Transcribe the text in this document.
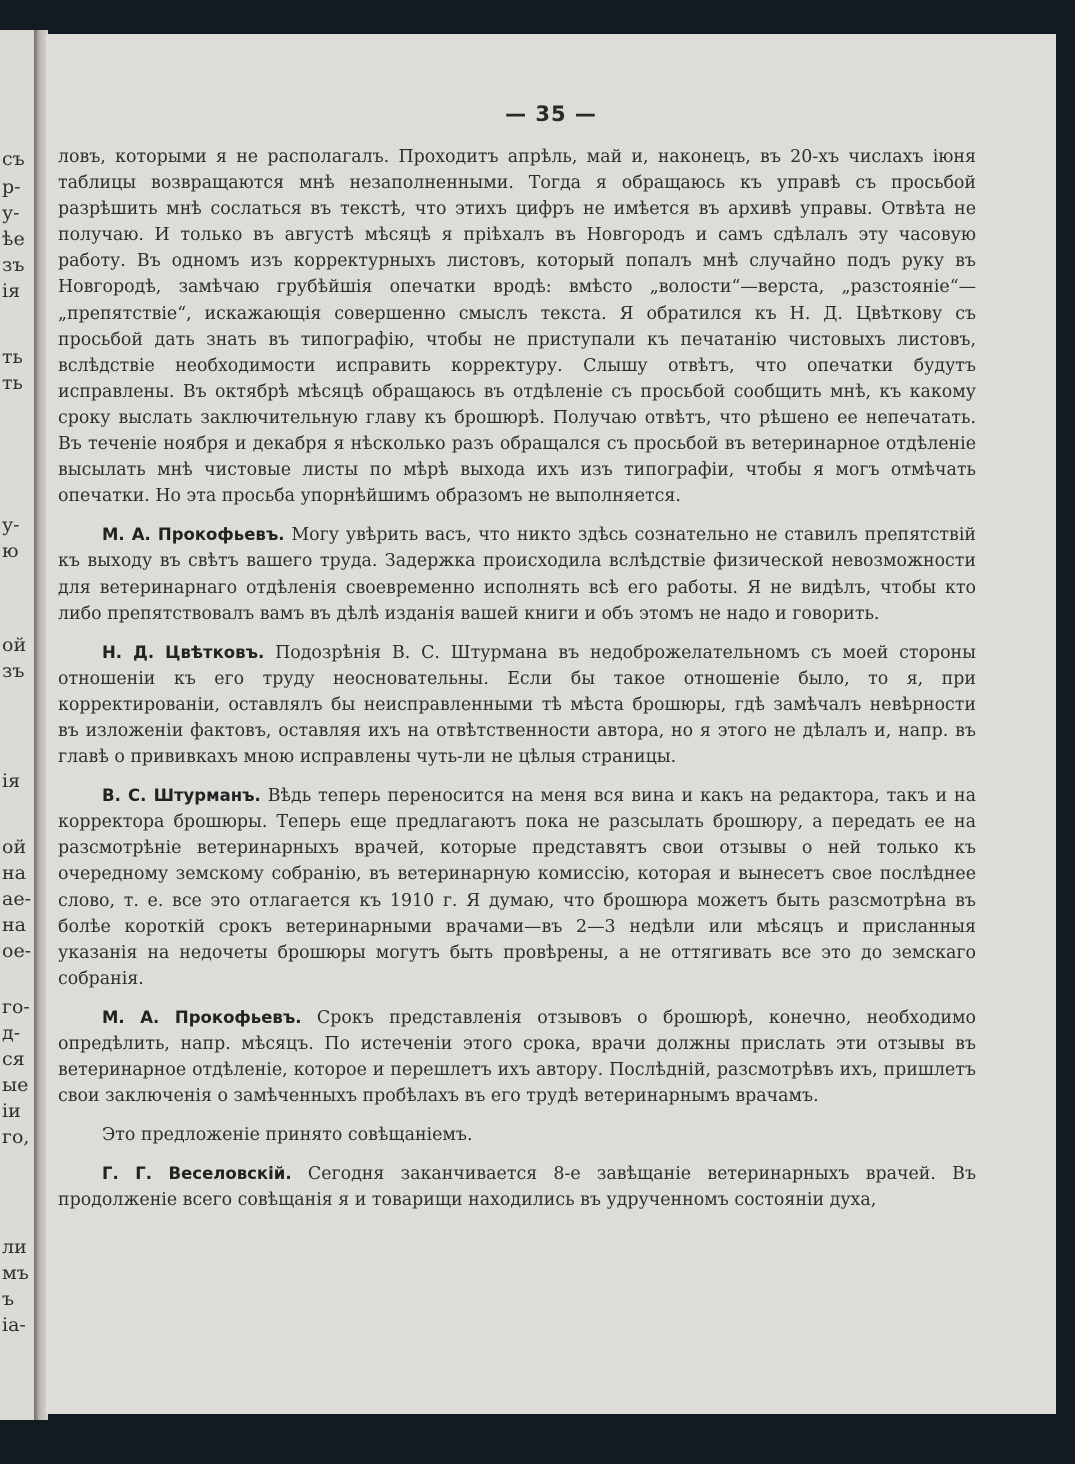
съ
р-
у-
ѣе
зъ
ія
ть
ть
у-
ю
ой
зъ
ія
ой
на
ае-
на
ое-
го-
д-
ся
ые
іи
го,
ли
мъ
ъ
іа-
— 35 —

ловъ, которыми я не располагалъ. Проходитъ апрѣль, май и, наконецъ, въ 20-хъ числахъ іюня таблицы возвращаются мнѣ незаполненными. Тогда я обращаюсь къ управѣ съ просьбой разрѣшить мнѣ сослаться въ текстѣ, что этихъ цифръ не имѣется въ архивѣ управы. Отвѣта не получаю. И только въ августѣ мѣсяцѣ я пріѣхалъ въ Новгородъ и самъ сдѣлалъ эту часовую работу. Въ одномъ изъ корректурныхъ листовъ, который попалъ мнѣ случайно подъ руку въ Новгородѣ, замѣчаю грубѣйшія опечатки вродѣ: вмѣсто „волости“—верста, „разстояніе“—„препятствіе“, искажающія совершенно смыслъ текста. Я обратился къ Н. Д. Цвѣткову съ просьбой дать знать въ типографію, чтобы не приступали къ печатанію чистовыхъ листовъ, вслѣдствіе необходимости исправить корректуру. Слышу отвѣтъ, что опечатки будутъ исправлены. Въ октябрѣ мѣсяцѣ обращаюсь въ отдѣленіе съ просьбой сообщить мнѣ, къ какому сроку выслать заключительную главу къ брошюрѣ. Получаю отвѣтъ, что рѣшено ее непечатать. Въ теченіе ноября и декабря я нѣсколько разъ обращался съ просьбой въ ветеринарное отдѣленіе высылать мнѣ чистовые листы по мѣрѣ выхода ихъ изъ типографіи, чтобы я могъ отмѣчать опечатки. Но эта просьба упорнѣйшимъ образомъ не выполняется.

М. А. Прокофьевъ. Могу увѣрить васъ, что никто здѣсь сознательно не ставилъ препятствій къ выходу въ свѣтъ вашего труда. Задержка происходила вслѣдствіе физической невозможности для ветеринарнаго отдѣленія своевременно исполнять всѣ его работы. Я не видѣлъ, чтобы кто либо препятствовалъ вамъ въ дѣлѣ изданія вашей книги и объ этомъ не надо и говорить.

Н. Д. Цвѣтковъ. Подозрѣнія В. С. Штурмана въ недоброжелательномъ съ моей стороны отношеніи къ его труду неосновательны. Если бы такое отношеніе было, то я, при корректированіи, оставлялъ бы неисправленными тѣ мѣста брошюры, гдѣ замѣчалъ невѣрности въ изложеніи фактовъ, оставляя ихъ на отвѣтственности автора, но я этого не дѣлалъ и, напр. въ главѣ о прививкахъ мною исправлены чуть-ли не цѣлыя страницы.

В. С. Штурманъ. Вѣдь теперь переносится на меня вся вина и какъ на редактора, такъ и на корректора брошюры. Теперь еще предлагаютъ пока не разсылать брошюру, а передать ее на разсмотрѣніе ветеринарныхъ врачей, которые представятъ свои отзывы о ней только къ очередному земскому собранію, въ ветеринарную комиссію, которая и вынесетъ свое послѣднее слово, т. е. все это отлагается къ 1910 г. Я думаю, что брошюра можетъ быть разсмотрѣна въ болѣе короткій срокъ ветеринарными врачами—въ 2—3 недѣли или мѣсяцъ и присланныя указанія на недочеты брошюры могутъ быть провѣрены, а не оттягивать все это до земскаго собранія.

М. А. Прокофьевъ. Срокъ представленія отзывовъ о брошюрѣ, конечно, необходимо опредѣлить, напр. мѣсяцъ. По истеченіи этого срока, врачи должны прислать эти отзывы въ ветеринарное отдѣленіе, которое и перешлетъ ихъ автору. Послѣдній, разсмотрѣвъ ихъ, пришлетъ свои заключенія о замѣченныхъ пробѣлахъ въ его трудѣ ветеринарнымъ врачамъ.

Это предложеніе принято совѣщаніемъ.

Г. Г. Веселовскій. Сегодня заканчивается 8-е завѣщаніе ветеринарныхъ врачей. Въ продолженіе всего совѣщанія я и товарищи находились въ удрученномъ состояніи духа,
